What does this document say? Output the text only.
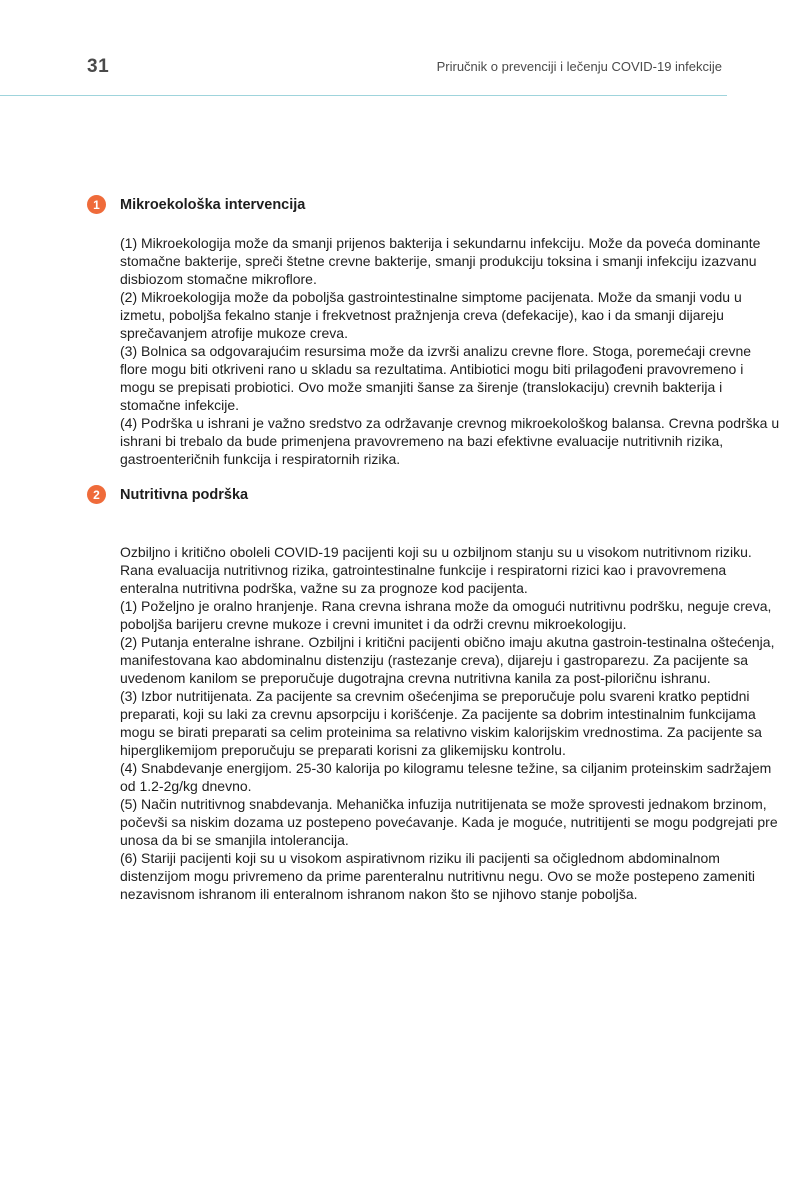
31	Priručnik o prevenciji i lečenju COVID-19 infekcije
1	Mikroekološka intervencija

(1) Mikroekologija može da smanji prijenos bakterija i sekundarnu infekciju. Može da poveća dominante stomačne bakterije, spreči štetne crevne bakterije, smanji produkciju toksina i smanji infekciju izazvanu disbiozom stomačne mikroflore.

(2) Mikroekologija može da poboljša gastrointestinalne simptome pacijenata. Može da smanji vodu u izmetu, poboljša fekalno stanje i frekvetnost pražnjenja creva (defekacije), kao i da smanji dijareju sprečavanjem atrofije mukoze creva.

(3) Bolnica sa odgovarajućim resursima može da izvrši analizu crevne flore. Stoga, poremećaji crevne flore mogu biti otkriveni rano u skladu sa rezultatima. Antibiotici mogu biti prilagođeni pravovremeno i mogu se prepisati probiotici. Ovo može smanjiti šanse za širenje (translokaciju) crevnih bakterija i stomačne infekcije.

(4) Podrška u ishrani je važno sredstvo za održavanje crevnog mikroekološkog balansa. Crevna podrška u ishrani bi trebalo da bude primenjena pravovremeno na bazi efektivne evaluacije nutritivnih rizika, gastroenteričnih funkcija i respiratornih rizika.

2	Nutritivna podrška

Ozbiljno i kritično oboleli COVID-19 pacijenti koji su u ozbiljnom stanju su u visokom nutritivnom riziku. Rana evaluacija nutritivnog rizika, gatrointestinalne funkcije i respiratorni rizici kao i pravovremena enteralna nutritivna podrška, važne su za prognoze kod pacijenta.

(1) Poželjno je oralno hranjenje. Rana crevna ishrana može da omogući nutritivnu podršku, neguje creva, poboljša barijeru crevne mukoze i crevni imunitet i da održi crevnu mikroekologiju.

(2) Putanja enteralne ishrane. Ozbiljni i kritični pacijenti obično imaju akutna gastroin-testinalna oštećenja, manifestovana kao abdominalnu distenziju (rastezanje creva), dijareju i gastroparezu. Za pacijente sa uvedenom kanilom se preporučuje dugotrajna crevna nutritivna kanila za post-piloričnu ishranu.

(3) Izbor nutritijenata. Za pacijente sa crevnim ošećenjima se preporučuje polu svareni kratko peptidni preparati, koji su laki za crevnu apsorpciju i korišćenje. Za pacijente sa dobrim intestinalnim funkcijama mogu se birati preparati sa celim proteinima sa relativno viskim kalorijskim vrednostima. Za pacijente sa hiperglikemijom preporučuju se preparati korisni za glikemijsku kontrolu.

(4) Snabdevanje energijom. 25-30 kalorija po kilogramu telesne težine, sa ciljanim proteinskim sadržajem od 1.2-2g/kg dnevno.

(5) Način nutritivnog snabdevanja. Mehanička infuzija nutritijenata se može sprovesti jednakom brzinom, počevši sa niskim dozama uz postepeno povećavanje. Kada je moguće, nutritijenti se mogu podgrejati pre unosa da bi se smanjila intolerancija.

(6) Stariji pacijenti koji su u visokom aspirativnom riziku ili pacijenti sa očiglednom abdominalnom distenzijom mogu privremeno da prime parenteralnu nutritivnu negu. Ovo se može postepeno zameniti nezavisnom ishranom ili enteralnom ishranom nakon što se njihovo stanje poboljša.
